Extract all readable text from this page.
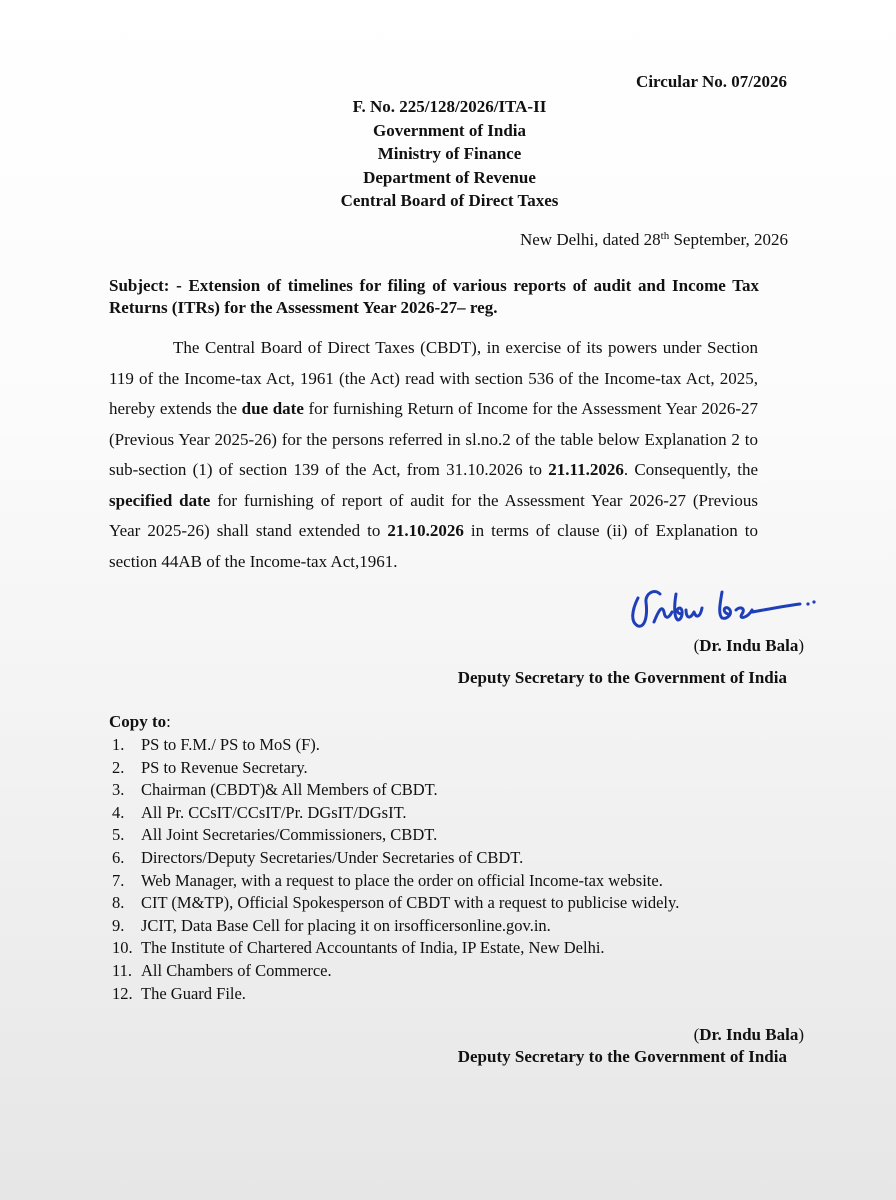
Circular No. 07/2026
F. No. 225/128/2026/ITA-II
Government of India
Ministry of Finance
Department of Revenue
Central Board of Direct Taxes
New Delhi, dated 28th September, 2026
Subject: - Extension of timelines for filing of various reports of audit and Income Tax Returns (ITRs) for the Assessment Year 2026-27– reg.
The Central Board of Direct Taxes (CBDT), in exercise of its powers under Section 119 of the Income-tax Act, 1961 (the Act) read with section 536 of the Income-tax Act, 2025, hereby extends the due date for furnishing Return of Income for the Assessment Year 2026-27 (Previous Year 2025-26) for the persons referred in sl.no.2 of the table below Explanation 2 to sub-section (1) of section 139 of the Act, from 31.10.2026 to 21.11.2026. Consequently, the specified date for furnishing of report of audit for the Assessment Year 2026-27 (Previous Year 2025-26) shall stand extended to 21.10.2026 in terms of clause (ii) of Explanation to section 44AB of the Income-tax Act,1961.
(Dr. Indu Bala)
Deputy Secretary to the Government of India
Copy to:
1.	PS to F.M./ PS to MoS (F).
2.	PS to Revenue Secretary.
3.	Chairman (CBDT)& All Members of CBDT.
4.	All Pr. CCsIT/CCsIT/Pr. DGsIT/DGsIT.
5.	All Joint Secretaries/Commissioners, CBDT.
6.	Directors/Deputy Secretaries/Under Secretaries of CBDT.
7.	Web Manager, with a request to place the order on official Income-tax website.
8.	CIT (M&TP), Official Spokesperson of CBDT with a request to publicise widely.
9.	JCIT, Data Base Cell for placing it on irsofficersonline.gov.in.
10. The Institute of Chartered Accountants of India, IP Estate, New Delhi.
11. All Chambers of Commerce.
12. The Guard File.
(Dr. Indu Bala)
Deputy Secretary to the Government of India
